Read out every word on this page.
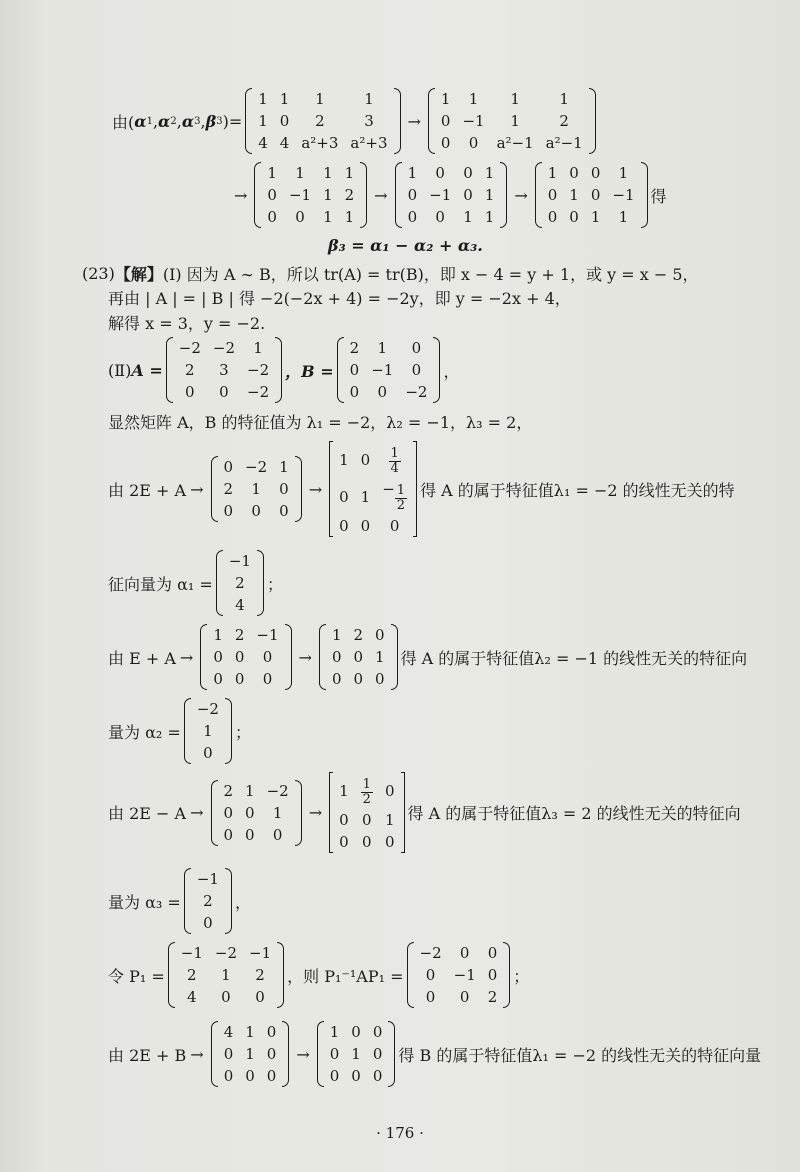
由( α 1 , α 2 , α 3 , β 3 )=
1	1	1	1
1	0	2	3
4	4	a²+3	a²+3
→
1	1	1	1
0	−1	1	2
0	0	a²−1	a²−1
→
1	1	1	1
0	−1	1	2
0	0	1	1
→
1	0	0	1
0	−1	0	1
0	0	1	1
→
1	0	0	1
0	1	0	−1
0	0	1	1
得
β₃ = α₁ − α₂ + α₃.
(23) 【解】 (Ⅰ) 因为 A ∼ B，所以 tr(A) = tr(B)，即 x − 4 = y + 1，或 y = x − 5，
再由 | A | = | B | 得 −2(−2x + 4) = −2y，即 y = −2x + 4，
解得 x = 3，y = −2.
(Ⅱ) A =
−2	−2	1
2	3	−2
0	0	−2
，B =
2	1	0
0	−1	0
0	0	−2
，
显然矩阵 A，B 的特征值为 λ₁ = −2，λ₂ = −1，λ₃ = 2，
由 2E + A →
0	−2	1
2	1	0
0	0	0
→
1	0	$\frac{1}{4}$

0	1	− $\frac{1}{2}$

0	0	0
得 A 的属于特征值λ₁ = −2 的线性无关的特
征向量为 α₁ =
−1
2
4
；
由 E + A →
1	2	−1
0	0	0
0	0	0
→
1	2	0
0	0	1
0	0	0
得 A 的属于特征值λ₂ = −1 的线性无关的特征向
量为 α₂ =
−2
1
0
；
由 2E − A →
2	1	−2
0	0	1
0	0	0
→
1	$\frac{1}{2}$	0
0	0	1
0	0	0
得 A 的属于特征值λ₃ = 2 的线性无关的特征向
量为 α₃ =
−1
2
0
，
令 P₁ =
−1	−2	−1
2	1	2
4	0	0
，则 P₁⁻¹AP₁ =
−2	0	0
0	−1	0
0	0	2
；
由 2E + B →
4	1	0
0	1	0
0	0	0
→
1	0	0
0	1	0
0	0	0
得 B 的属于特征值λ₁ = −2 的线性无关的特征向量
· 176 ·
